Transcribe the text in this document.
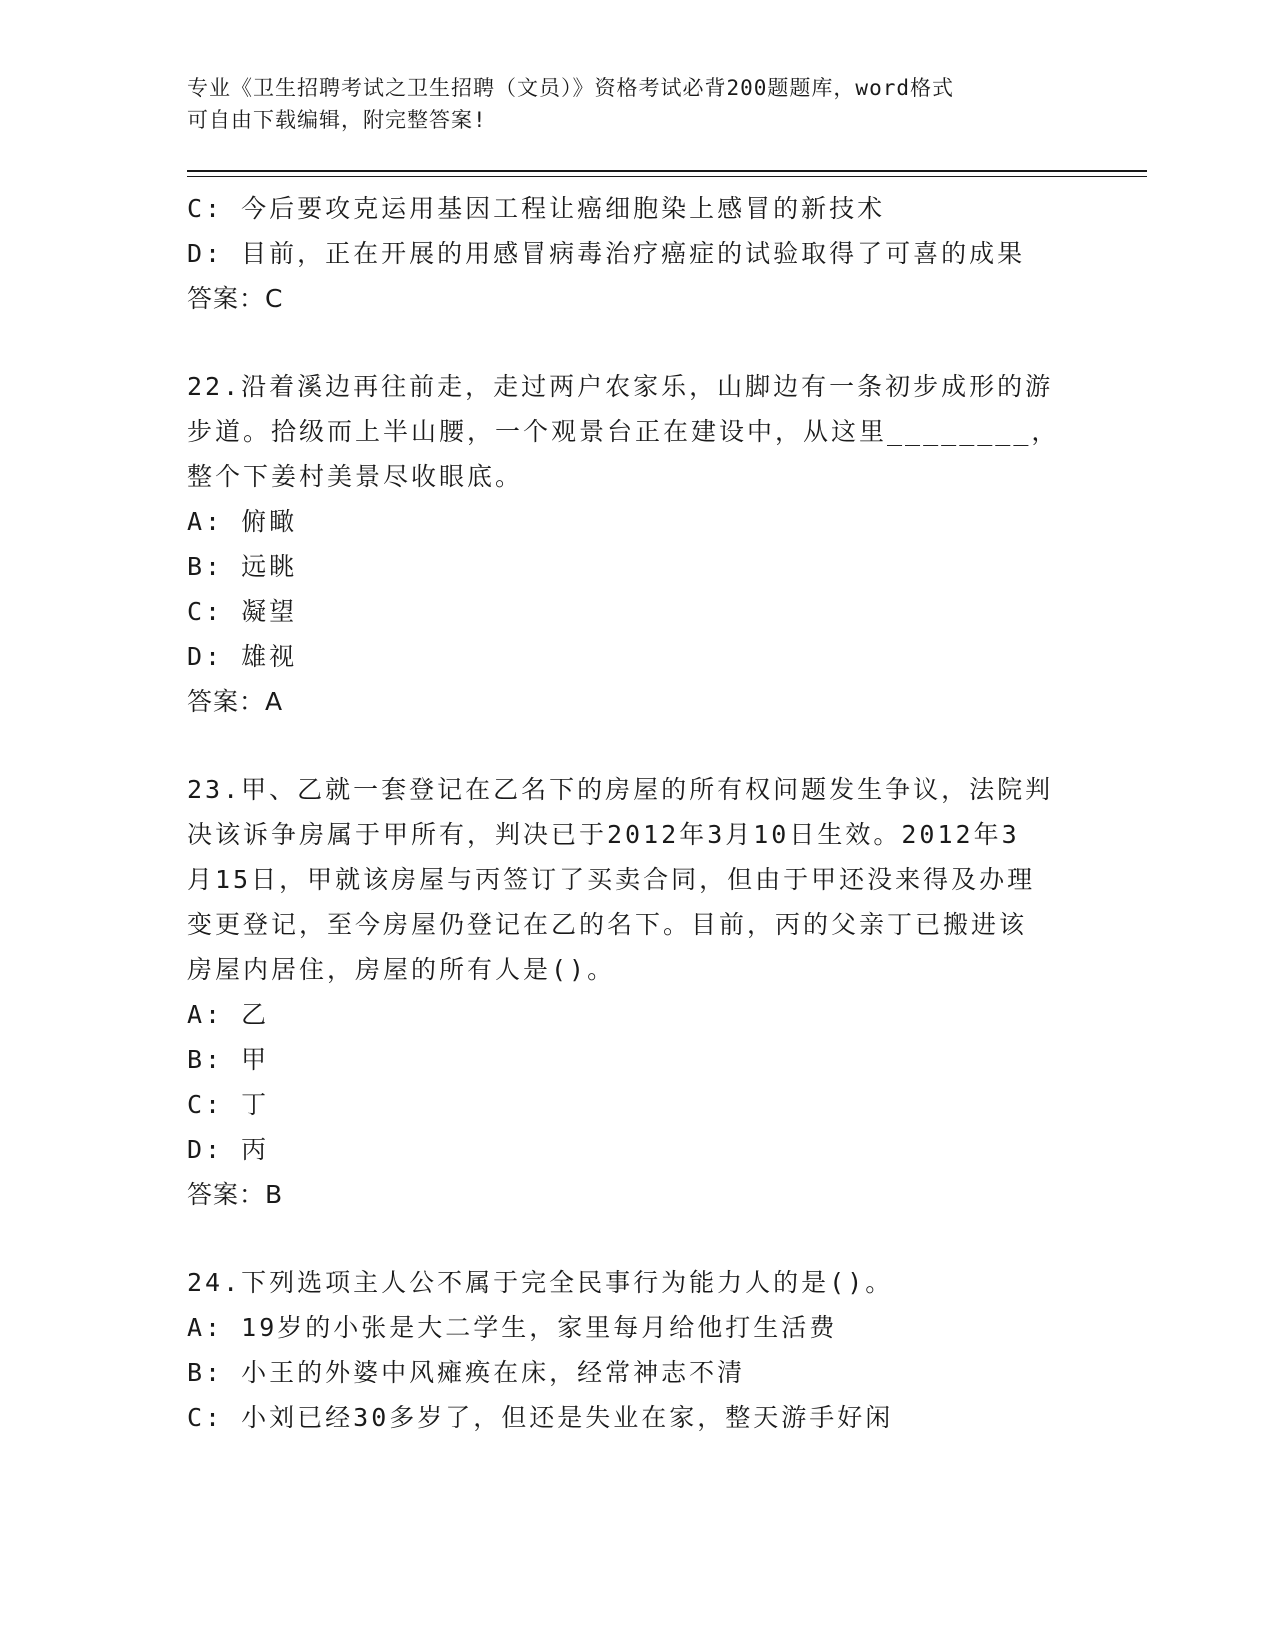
专业《卫生招聘考试之卫生招聘（文员）》资格考试必背200题题库，word格式
可自由下载编辑，附完整答案!
C: 今后要攻克运用基因工程让癌细胞染上感冒的新技术
D: 目前，正在开展的用感冒病毒治疗癌症的试验取得了可喜的成果
答案：C
22.沿着溪边再往前走，走过两户农家乐，山脚边有一条初步成形的游
步道。拾级而上半山腰，一个观景台正在建设中，从这里________，
整个下姜村美景尽收眼底。
A: 俯瞰
B: 远眺
C: 凝望
D: 雄视
答案：A
23.甲、乙就一套登记在乙名下的房屋的所有权问题发生争议，法院判
决该诉争房属于甲所有，判决已于2012年3月10日生效。2012年3
月15日，甲就该房屋与丙签订了买卖合同，但由于甲还没来得及办理
变更登记，至今房屋仍登记在乙的名下。目前，丙的父亲丁已搬进该
房屋内居住，房屋的所有人是()。
A: 乙
B: 甲
C: 丁
D: 丙
答案：B
24.下列选项主人公不属于完全民事行为能力人的是()。
A: 19岁的小张是大二学生，家里每月给他打生活费
B: 小王的外婆中风瘫痪在床，经常神志不清
C: 小刘已经30多岁了，但还是失业在家，整天游手好闲
